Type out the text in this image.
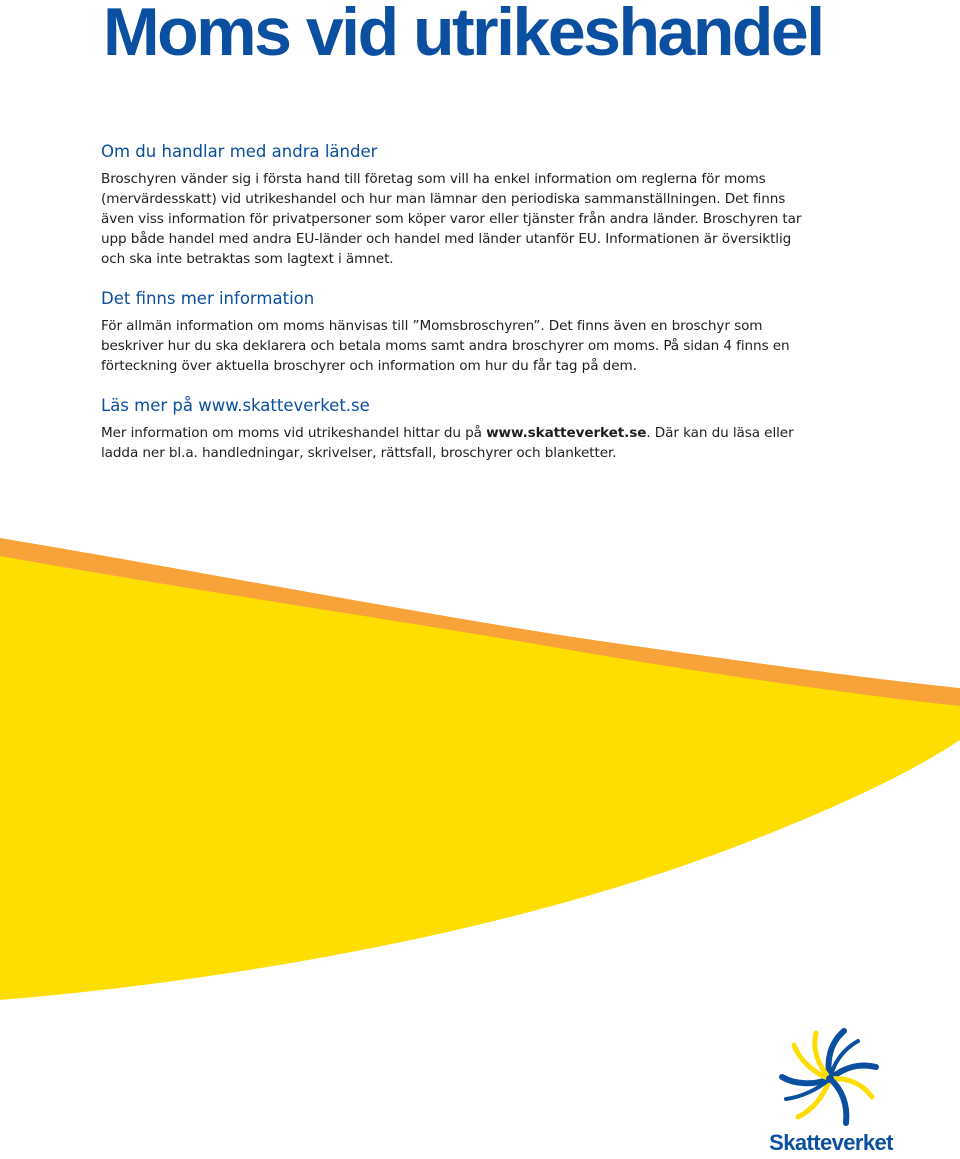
Moms vid utrikeshandel
Om du handlar med andra länder

Broschyren vänder sig i första hand till företag som vill ha enkel information om reglerna för moms (mervärdesskatt) vid utrikeshandel och hur man lämnar den periodiska sammanställningen. Det finns även viss information för privatpersoner som köper varor eller tjänster från andra länder. Broschyren tar upp både handel med andra EU-länder och handel med länder utanför EU. Informationen är översiktlig och ska inte betraktas som lagtext i ämnet.

Det finns mer information

För allmän information om moms hänvisas till ”Momsbroschyren”. Det finns även en broschyr som beskriver hur du ska deklarera och betala moms samt andra broschyrer om moms. På sidan 4 finns en förteckning över aktuella broschyrer och information om hur du får tag på dem.

Läs mer på www.skatteverket.se

Mer information om moms vid utrikeshandel hittar du på www.skatteverket.se. Där kan du läsa eller ladda ner bl.a. handledningar, skrivelser, rättsfall, broschyrer och blanketter.

Skatteverket
